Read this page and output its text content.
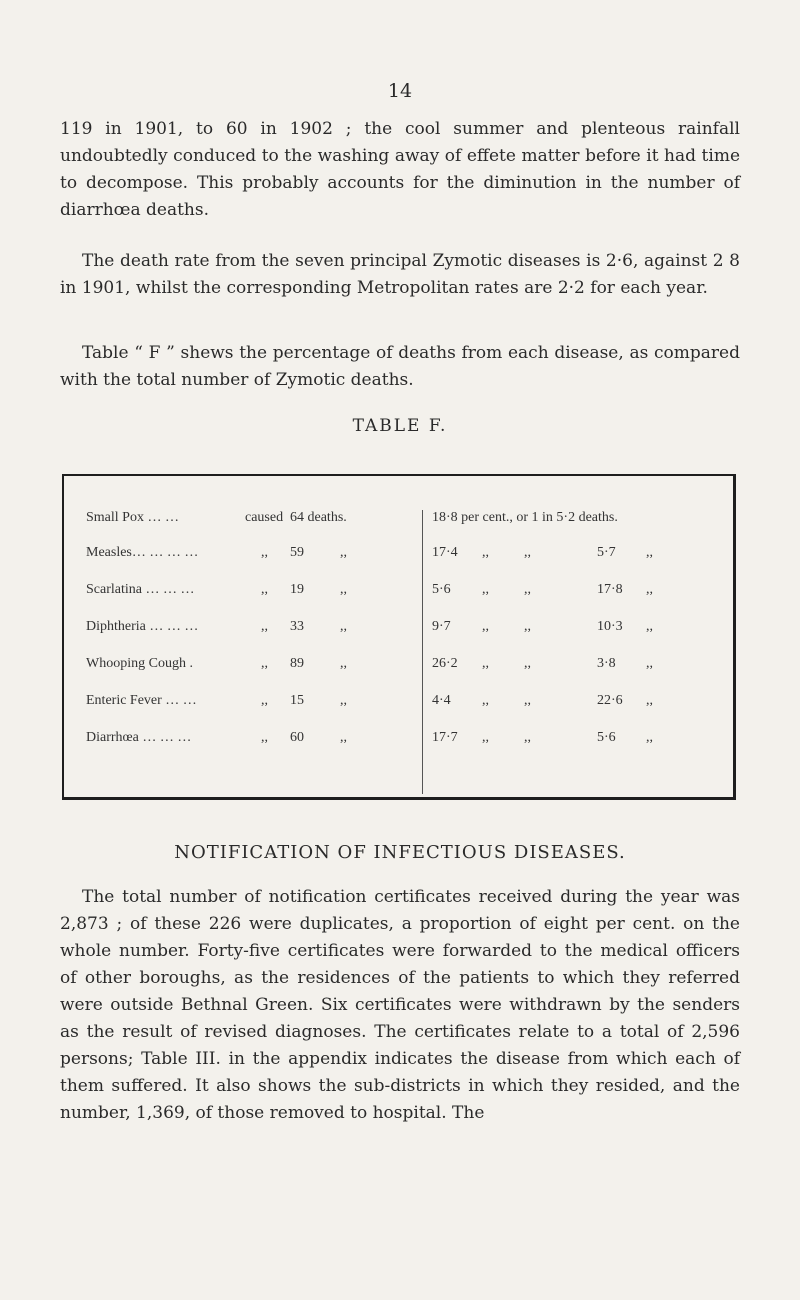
14

119 in 1901, to 60 in 1902 ; the cool summer and plenteous rainfall undoubtedly conduced to the washing away of effete matter before it had time to decompose. This probably accounts for the diminution in the number of diarrhœa deaths.

The death rate from the seven principal Zymotic diseases is 2·6, against 2 8 in 1901, whilst the corresponding Metropolitan rates are 2·2 for each year.

Table “ F ” shews the percentage of deaths from each disease, as compared with the total number of Zymotic deaths.

TABLE F.
Small Pox … …	caused 64 deaths.	18·8 per cent., or 1 in 5·2 deaths.
Measles… … … …	,, 59	,,	17·4 ,,	,,	5·7 ,,
Scarlatina … … …	,, 19	,,	5·6 ,,	,,	17·8 ,,
Diphtheria … … …	,, 33	,,	9·7 ,,	,,	10·3 ,,
Whooping Cough .	,, 89	,,	26·2 ,,	,,	3·8 ,,
Enteric Fever … …	,, 15	,,	4·4 ,,	,,	22·6 ,,
Diarrhœa … … …	,, 60	,,	17·7 ,,	,,	5·6 ,,
NOTIFICATION OF INFECTIOUS DISEASES.

The total number of notification certificates received during the year was 2,873 ; of these 226 were duplicates, a proportion of eight per cent. on the whole number. Forty-five certificates were forwarded to the medical officers of other boroughs, as the residences of the patients to which they referred were outside Bethnal Green. Six certificates were withdrawn by the senders as the result of revised diagnoses. The certificates relate to a total of 2,596 persons; Table III. in the appendix indicates the disease from which each of them suffered. It also shows the sub-districts in which they resided, and the number, 1,369, of those removed to hospital. The
